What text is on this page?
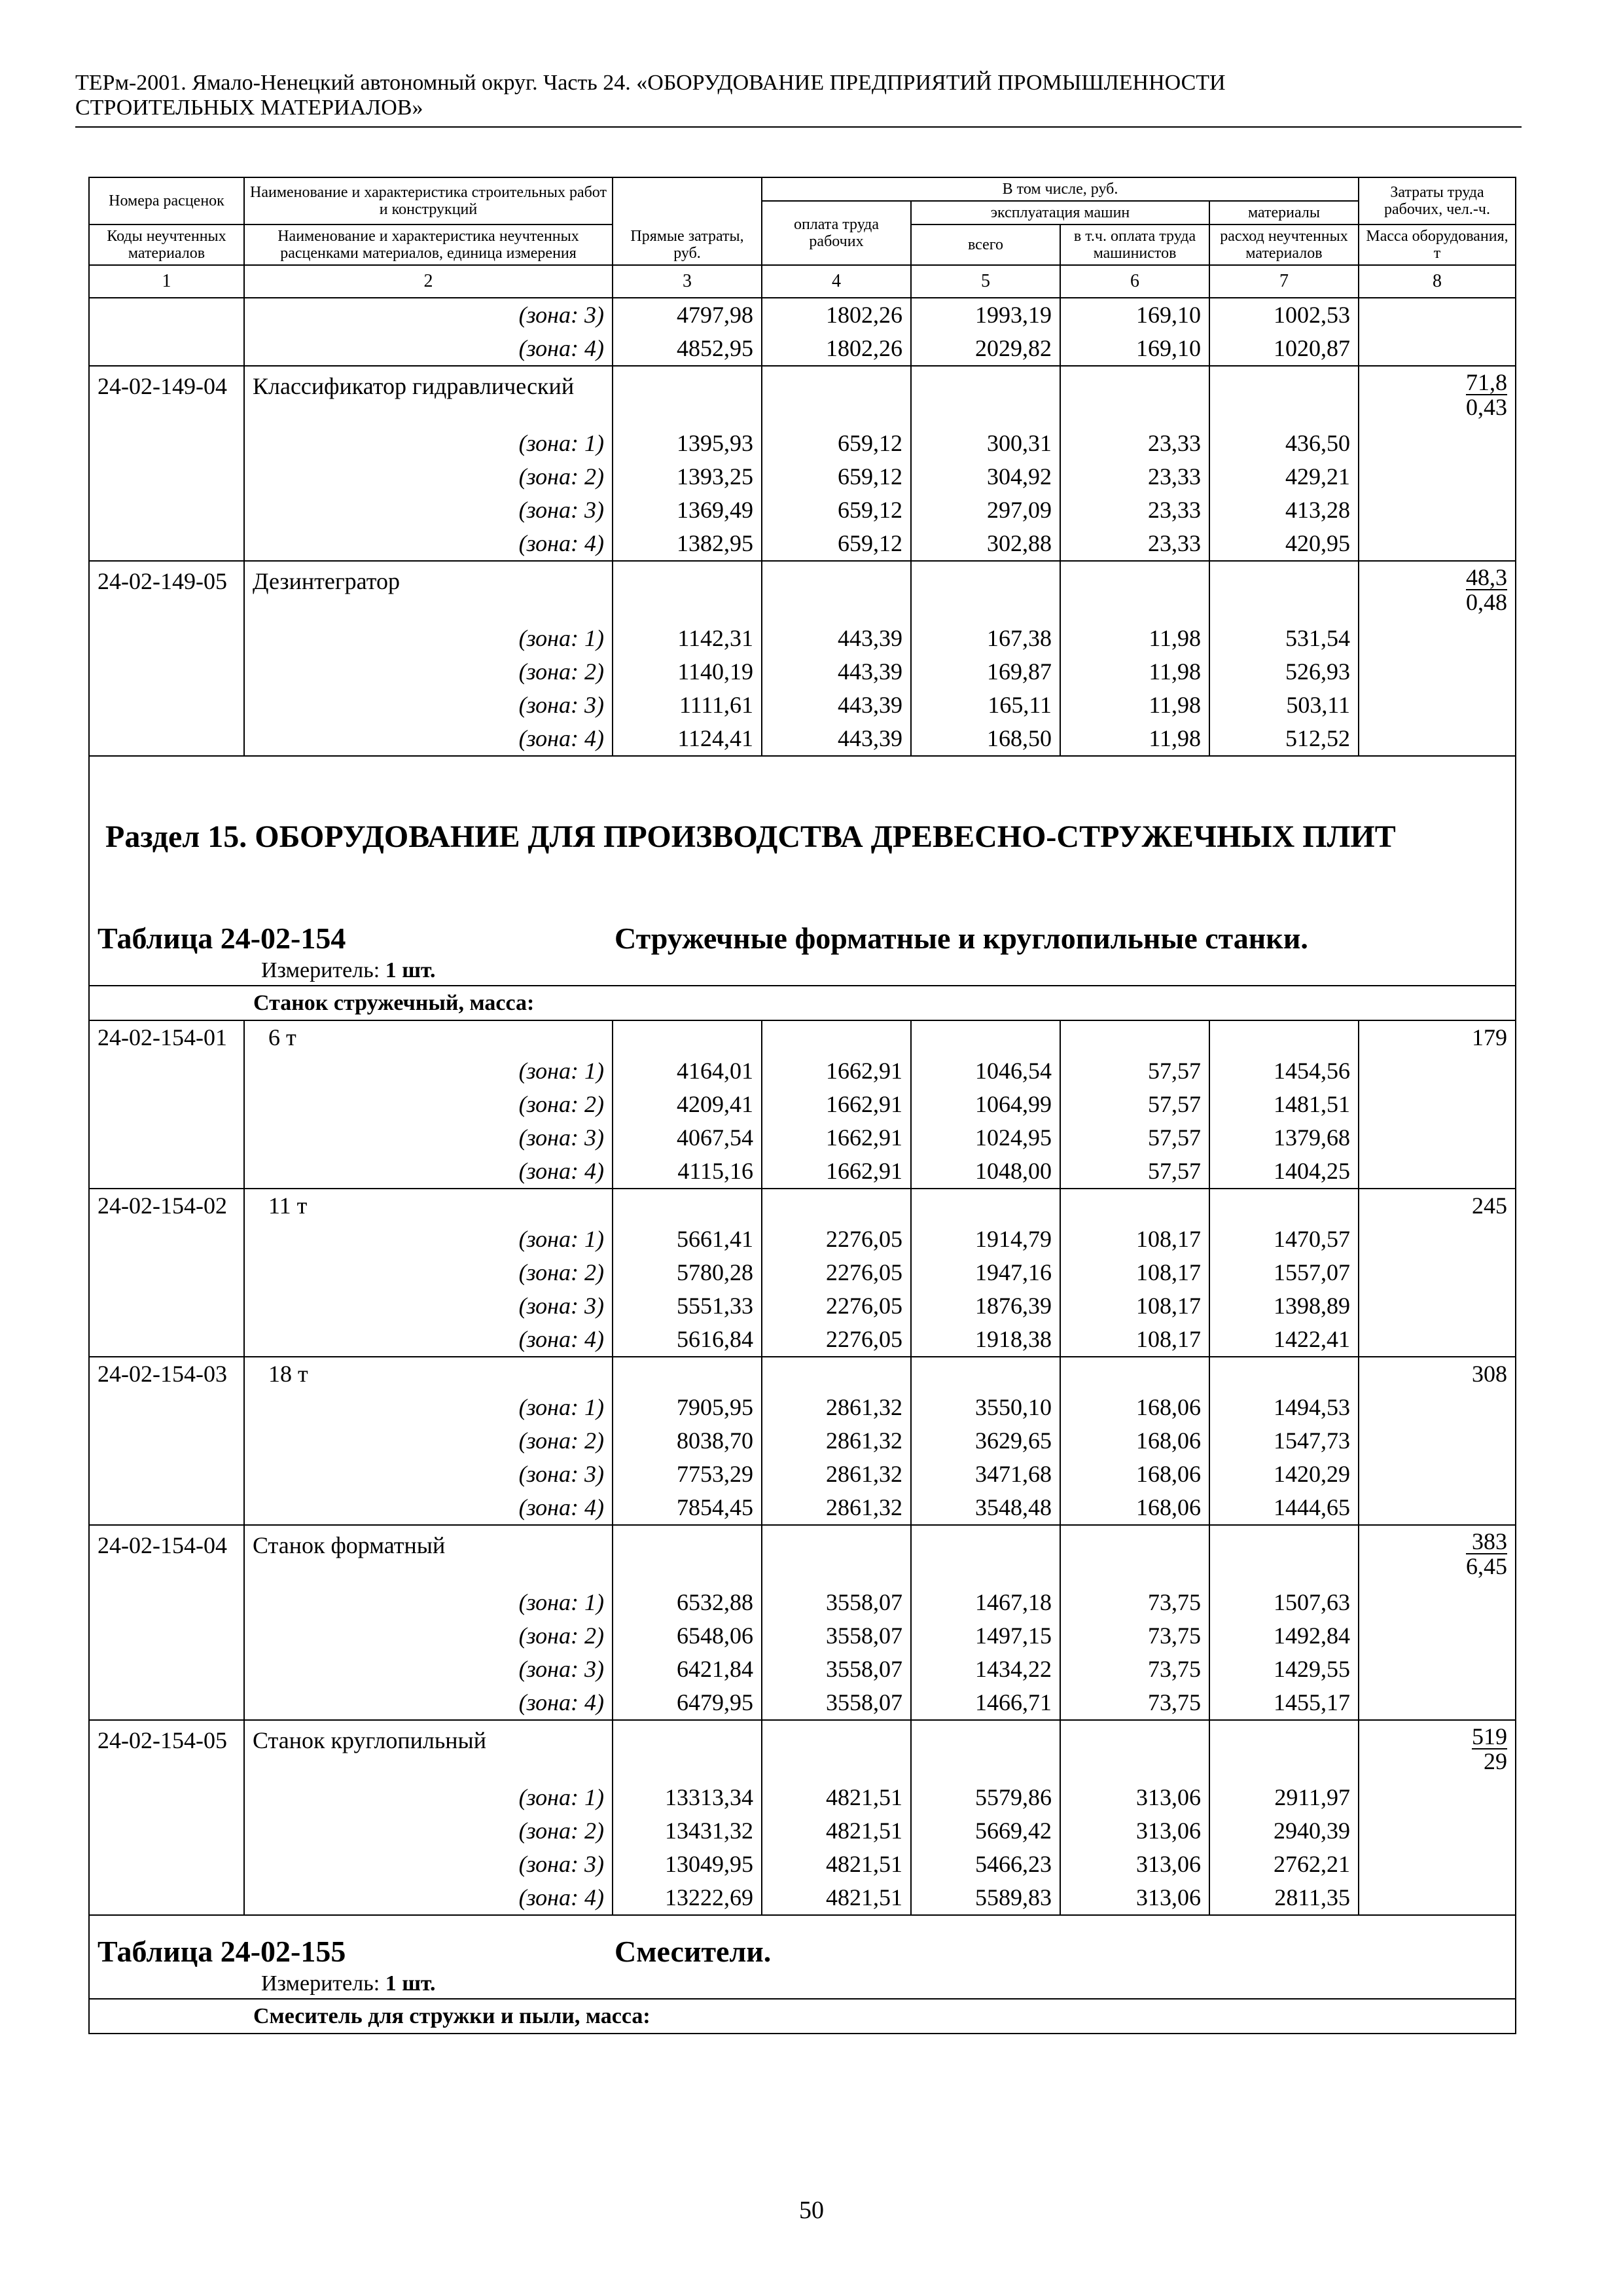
ТЕРм-2001. Ямало-Ненецкий автономный округ. Часть 24. «ОБОРУДОВАНИЕ ПРЕДПРИЯТИЙ ПРОМЫШЛЕННОСТИ
СТРОИТЕЛЬНЫХ МАТЕРИАЛОВ»
Номера расценок	Наименование и характеристика строительных работ и конструкций	Прямые затраты, руб.	В том числе, руб.				Затраты труда рабочих, чел.-ч.
			оплата труда рабочих	эксплуатация машин		материалы	
Коды неучтенных материалов	Наименование и характеристика неучтенных расценками материалов, единица измерения			всего	в т.ч. оплата труда машинистов	расход неучтенных материалов	Масса оборудования, т
1	2	3	4	5	6	7	8
	(зона: 3)	4797,98	1802,26	1993,19	169,10	1002,53	
	(зона: 4)	4852,95	1802,26	2029,82	169,10	1020,87	
24-02-149-04	Классификатор гидравлический						$\frac{71,8}{0,43}$

	(зона: 1)	1395,93	659,12	300,31	23,33	436,50	
	(зона: 2)	1393,25	659,12	304,92	23,33	429,21	
	(зона: 3)	1369,49	659,12	297,09	23,33	413,28	
	(зона: 4)	1382,95	659,12	302,88	23,33	420,95	
24-02-149-05	Дезинтегратор						$\frac{48,3}{0,48}$

	(зона: 1)	1142,31	443,39	167,38	11,98	531,54	
	(зона: 2)	1140,19	443,39	169,87	11,98	526,93	
	(зона: 3)	1111,61	443,39	165,11	11,98	503,11	
	(зона: 4)	1124,41	443,39	168,50	11,98	512,52	

Раздел 15. ОБОРУДОВАНИЕ ДЛЯ ПРОИЗВОДСТВА ДРЕВЕСНО-СТРУЖЕЧНЫХ ПЛИТ
Таблица 24-02-154 Стружечные форматные и круглопильные станки.
Измеритель: 1 шт.							

Станок стружечный, масса:							
24-02-154-01	6 т						179
	(зона: 1)	4164,01	1662,91	1046,54	57,57	1454,56	
	(зона: 2)	4209,41	1662,91	1064,99	57,57	1481,51	
	(зона: 3)	4067,54	1662,91	1024,95	57,57	1379,68	
	(зона: 4)	4115,16	1662,91	1048,00	57,57	1404,25	
24-02-154-02	11 т						245
	(зона: 1)	5661,41	2276,05	1914,79	108,17	1470,57	
	(зона: 2)	5780,28	2276,05	1947,16	108,17	1557,07	
	(зона: 3)	5551,33	2276,05	1876,39	108,17	1398,89	
	(зона: 4)	5616,84	2276,05	1918,38	108,17	1422,41	
24-02-154-03	18 т						308
	(зона: 1)	7905,95	2861,32	3550,10	168,06	1494,53	
	(зона: 2)	8038,70	2861,32	3629,65	168,06	1547,73	
	(зона: 3)	7753,29	2861,32	3471,68	168,06	1420,29	
	(зона: 4)	7854,45	2861,32	3548,48	168,06	1444,65	
24-02-154-04	Станок форматный						$\frac{383}{6,45}$

	(зона: 1)	6532,88	3558,07	1467,18	73,75	1507,63	
	(зона: 2)	6548,06	3558,07	1497,15	73,75	1492,84	
	(зона: 3)	6421,84	3558,07	1434,22	73,75	1429,55	
	(зона: 4)	6479,95	3558,07	1466,71	73,75	1455,17	
24-02-154-05	Станок круглопильный						$\frac{519}{29}$

	(зона: 1)	13313,34	4821,51	5579,86	313,06	2911,97	
	(зона: 2)	13431,32	4821,51	5669,42	313,06	2940,39	
	(зона: 3)	13049,95	4821,51	5466,23	313,06	2762,21	
	(зона: 4)	13222,69	4821,51	5589,83	313,06	2811,35	

Таблица 24-02-155 Смесители.
Измеритель: 1 шт.							

Смеситель для стружки и пыли, масса:							
50
